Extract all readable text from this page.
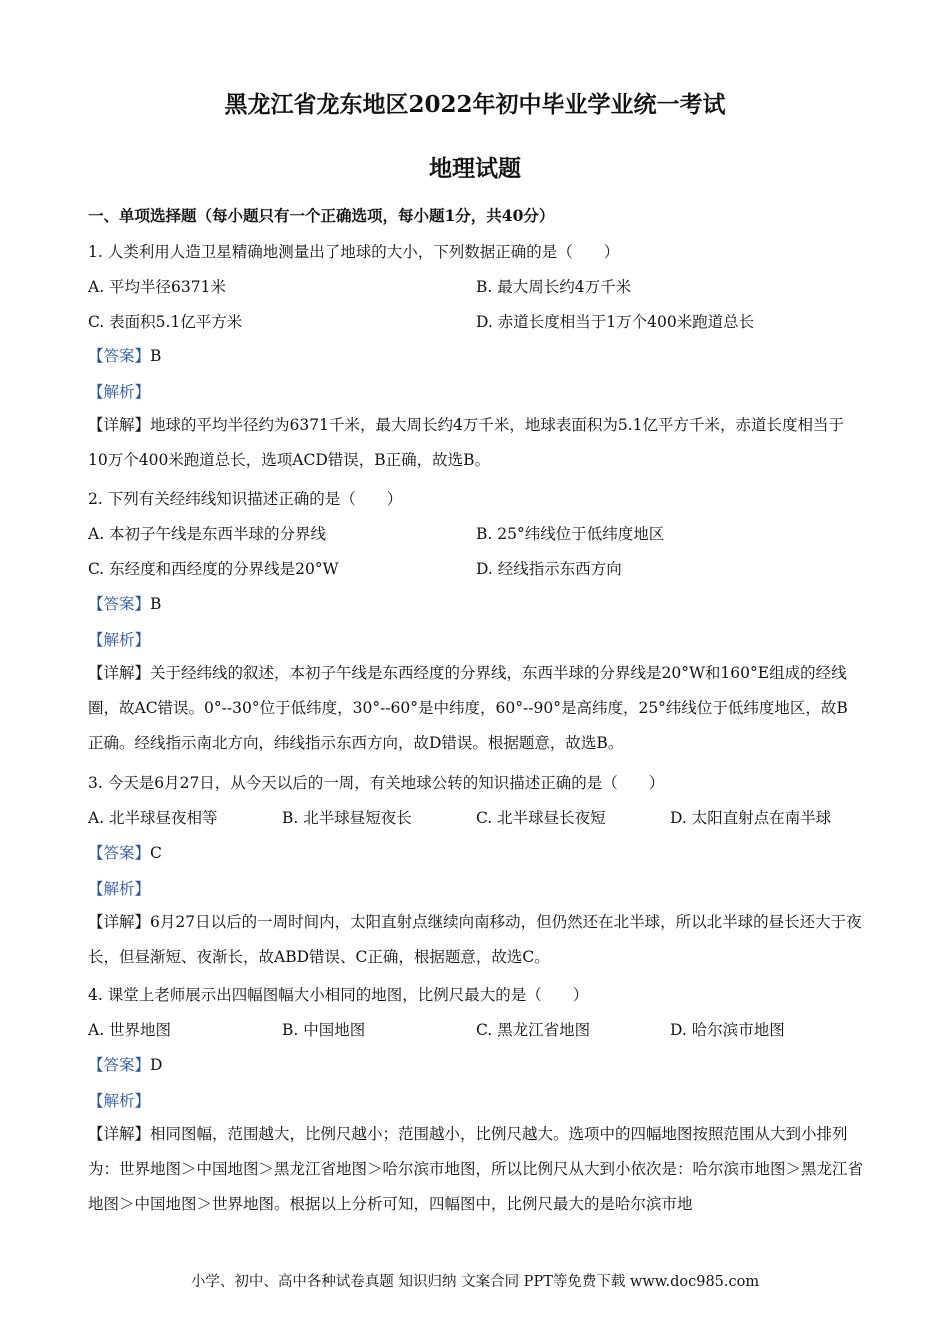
黑龙江省龙东地区2022年初中毕业学业统一考试
地理试题
一、单项选择题（每小题只有一个正确选项，每小题1分，共40分）
1. 人类利用人造卫星精确地测量出了地球的大小，下列数据正确的是（　　）
A. 平均半径6371米	B. 最大周长约4万千米
C. 表面积5.1亿平方米	D. 赤道长度相当于1万个400米跑道总长
【答案】B
【解析】
【详解】地球的平均半径约为6371千米，最大周长约4万千米，地球表面积为5.1亿平方千米，赤道长度相当于10万个400米跑道总长，选项ACD错误，B正确，故选B。
2. 下列有关经纬线知识描述正确的是（　　）
A. 本初子午线是东西半球的分界线	B. 25°纬线位于低纬度地区
C. 东经度和西经度的分界线是20°W	D. 经线指示东西方向
【答案】B
【解析】
【详解】关于经纬线的叙述，本初子午线是东西经度的分界线，东西半球的分界线是20°W和160°E组成的经线圈，故AC错误。0°--30°位于低纬度，30°--60°是中纬度，60°--90°是高纬度，25°纬线位于低纬度地区，故B正确。经线指示南北方向，纬线指示东西方向，故D错误。根据题意，故选B。
3. 今天是6月27日，从今天以后的一周，有关地球公转的知识描述正确的是（　　）
A. 北半球昼夜相等	B. 北半球昼短夜长	C. 北半球昼长夜短	D. 太阳直射点在南半球
【答案】C
【解析】
【详解】6月27日以后的一周时间内，太阳直射点继续向南移动，但仍然还在北半球，所以北半球的昼长还大于夜长，但昼渐短、夜渐长，故ABD错误、C正确，根据题意，故选C。
4. 课堂上老师展示出四幅图幅大小相同的地图，比例尺最大的是（　　）
A. 世界地图	B. 中国地图	C. 黑龙江省地图	D. 哈尔滨市地图
【答案】D
【解析】
【详解】相同图幅，范围越大，比例尺越小；范围越小，比例尺越大。选项中的四幅地图按照范围从大到小排列为：世界地图＞中国地图＞黑龙江省地图＞哈尔滨市地图，所以比例尺从大到小依次是：哈尔滨市地图＞黑龙江省地图＞中国地图＞世界地图。根据以上分析可知，四幅图中，比例尺最大的是哈尔滨市地
小学、初中、高中各种试卷真题 知识归纳 文案合同 PPT等免费下载 www.doc985.com
